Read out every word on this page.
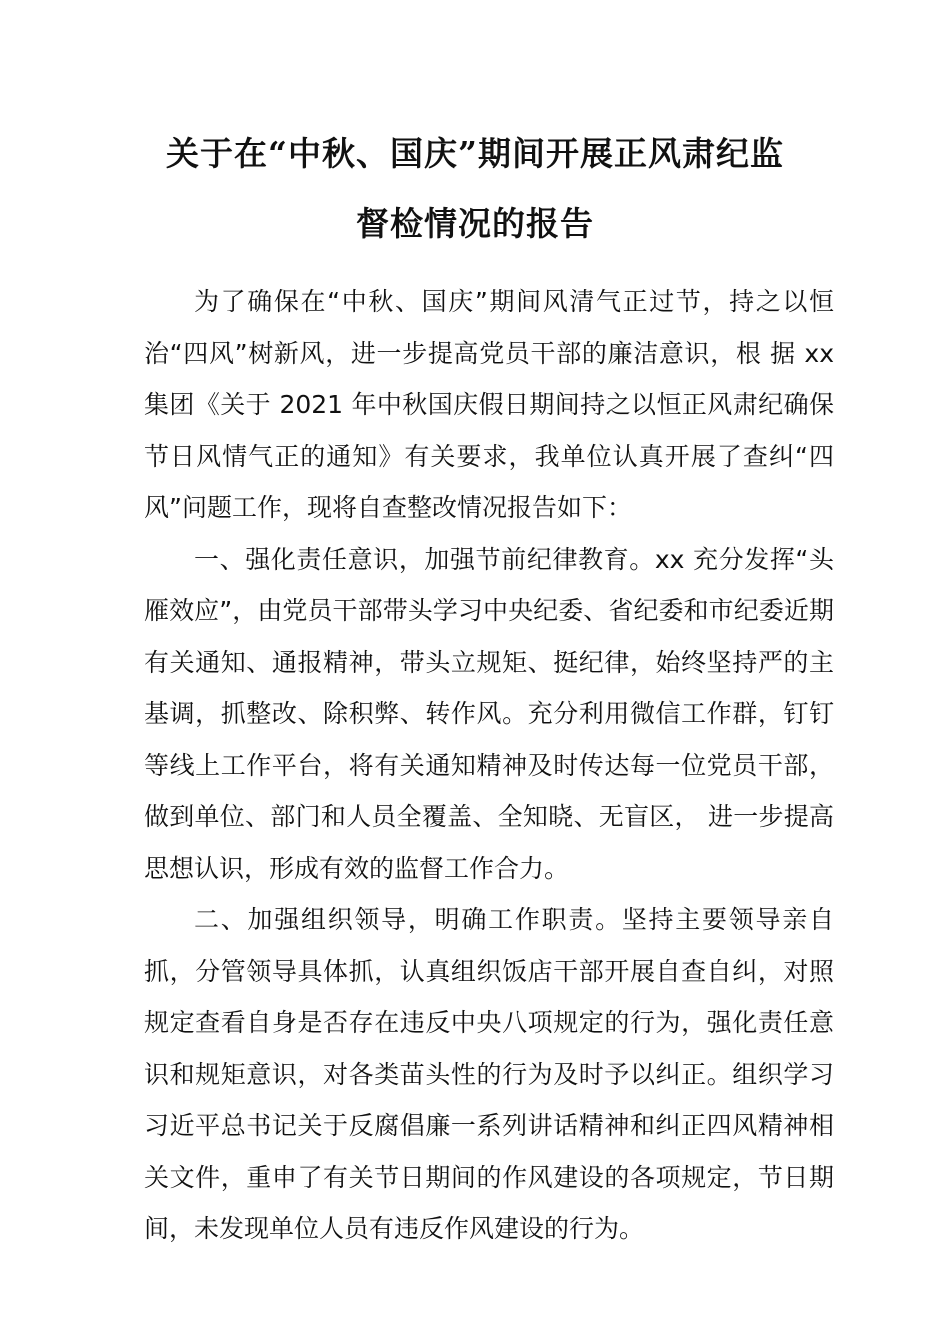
关于在“中秋、国庆”期间开展正风肃纪监
督检情况的报告

为了确保在“中秋、国庆”期间风清气正过节，持之以恒治“四风”树新风，进一步提高党员干部的廉洁意识，根 据 xx 集团《关于 2021 年中秋国庆假日期间持之以恒正风肃纪确保节日风情气正的通知》有关要求，我单位认真开展了查纠“四风”问题工作，现将自查整改情况报告如下：

一、强化责任意识，加强节前纪律教育。xx 充分发挥“头雁效应”，由党员干部带头学习中央纪委、省纪委和市纪委近期有关通知、通报精神，带头立规矩、挺纪律，始终坚持严的主基调，抓整改、除积弊、转作风。充分利用微信工作群，钉钉等线上工作平台，将有关通知精神及时传达每一位党员干部，做到单位、部门和人员全覆盖、全知晓、无盲区， 进一步提高思想认识，形成有效的监督工作合力。

二、加强组织领导，明确工作职责。坚持主要领导亲自抓，分管领导具体抓，认真组织饭店干部开展自查自纠，对照规定查看自身是否存在违反中央八项规定的行为，强化责任意识和规矩意识，对各类苗头性的行为及时予以纠正。组织学习习近平总书记关于反腐倡廉一系列讲话精神和纠正四风精神相关文件，重申了有关节日期间的作风建设的各项规定，节日期间，未发现单位人员有违反作风建设的行为。
